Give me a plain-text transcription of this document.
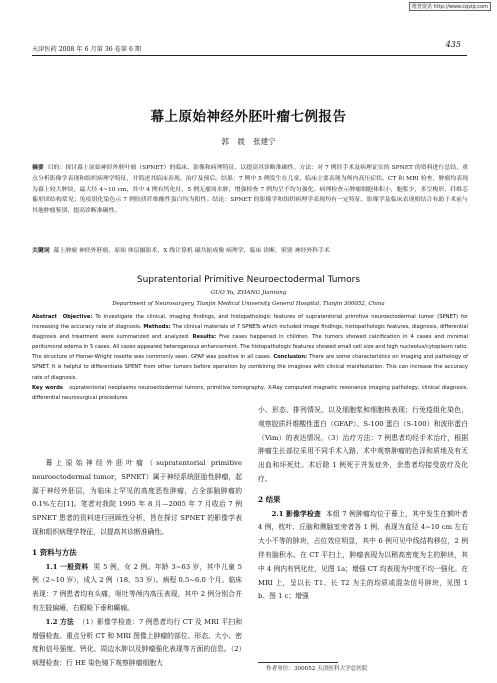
维普资讯 http://www.cqvip.com
天津医药 2008 年 6 月第 36 卷第 6 期
435
幕上原始神经外胚叶瘤七例报告
郭 晨 张建宁
摘要 目的：探讨幕上原始神经外胚叶瘤（SPNET）的临床、影像和病理特征，以提高其诊断准确性。方法：对 7 例经手术及病理证实的 SPNET 的资料进行总结，重点分析影像学表现和组织病理学特征，并简述其临床表现、治疗及预后。结果：7 例中 5 例发生在儿童，临床主要表现为颅内高压症状。CT 和 MRI 检查，肿瘤均表现为幕上较大肿块，最大径 4~10 cm，其中 4 例有钙化灶，5 例无瘤周水肿，增强检查 7 例均呈不均匀强化。病理检查示肿瘤细胞体积小，胞浆少，多呈梭形，纤维芯葡形团结构常见；免疫组化染色示 7 例胶质纤维酸性蛋白均为阳性。结论：SPNET 的影像学和组织病理学表现均有一定特征，影像学及临床表现相结合有助于术前与其他肿瘤鉴别，提高诊断准确性。
关键词 幕上肿瘤 神经外胚瘤，原始 体层摄影术，X 线计算机 磁共振成像 病理学，临床 诊断，鉴别 神经外科手术
Supratentorial Primitive Neuroectodermal Tumors
GUO Yu, ZHANG Jianning
Department of Neurosurgery, Tianjin Medical University General Hospital, Tianjin 300052, China
Abstract Objective: To investigate the clinical, imaging findings, and histopathologic features of supratentorial primitive neuroectodermal tumor (SPNET) for increasing the accuracy rate of diagnosis. Methods: The clinical materials of 7 SPNETs which included image findings, histopathologic features, diagnosis, differential diagnosis and treatment were summarized and analyzed. Results: Five cases happened in children. The tumors showed calcification in 4 cases and minimal peritumoral edema in 5 cases. All cases appeared heterogenous enhancement. The histopathologic features showed small cell size and high nucleolus/cytoplasm ratio. The structure of Homer-Wright rosette was commonly seen. GFAP was positive in all cases. Conclusion: There are some characteristics on imaging and pathology of SPNET. It is helpful to differentiate SPENT from other tumors before operation by combining the imagines with clinical manifestation. This can increase the accuracy rate of diagnosis.
Key words supratentorial neoplasms neuroectodermal tumors, primitive tomography, X-Ray computed magnetic resonance imaging pathology, clinical diagnosis, differential neurosurgical procedures

幕上原始神经外胚叶瘤（supratentorial primitive neuroectodermal tumor，SPNET）属于神经系统胚胎性肿瘤，起源于神经外胚层，为临床上罕见的高度恶性肿瘤，占全部脑肿瘤的 0.1%左右[1]。笔者对我院 1995 年 8 月—2005 年 7 月收治 7 例 SPNET 患者的资料进行回顾性分析，旨在探讨 SPNET 的影像学表现和组织病理学特征，以提高其诊断准确性。

1 资料与方法

1.1 一般资料 男 5 例，女 2 例。年龄 3~63 岁，其中儿童 5 例（2~10 岁），成人 2 例（18、53 岁）。病程 0.5~6.0 个月。临床表现：7 例患者均有头痛，呕吐等颅内高压表现，其中 2 例分别合并有左肢偏瘫，右眼睑下垂和癫痫。

1.2 方法 （1）影像学检查：7 例患者均行 CT 及 MRI 平扫和增强检查。重点分析 CT 和 MRI 图像上肿瘤的部位、形态、大小、密度和信号强度、钙化、周边水肿以及肿瘤强化表现等方面的信息。（2）病理检查：行 HE 染色镜下观察肿瘤细胞大

小、形态、排列情况，以及细胞浆和细胞核表现；行免疫组化染色，观察胶质纤维酸性蛋白（GFAP）、S-100 蛋白（S-100）和波形蛋白（Vim）的表达情况。（3）治疗方法：7 例患者均经手术治疗，根据肿瘤生长部位采用不同手术入路，术中观察肿瘤的色泽和质地及有无出血和坏死灶。术后除 1 例死于并发症外，余患者均接受放疗及化疗。

2 结果

2.1 影像学检查 本组 7 例肿瘤均位于幕上，其中发生在额叶者 4 例，枕叶、丘脑和侧脑室旁者各 1 例，表现为直径 4~10 cm 左右大小不等的肿块，占位效应明显，其中 6 例可见中线结构移位，2 例伴有脑积水。在 CT 平扫上，肿瘤表现为以稍高密度为主的肿块，其中 4 例内有钙化灶，见图 1a；增强 CT 均表现为中度不均一强化。在 MRI 上，呈以长 T1、长 T2 为主的均质或混杂信号肿块，见图 1 b、图 1 c；增强

作者单位：300052 天津医科大学总医院
